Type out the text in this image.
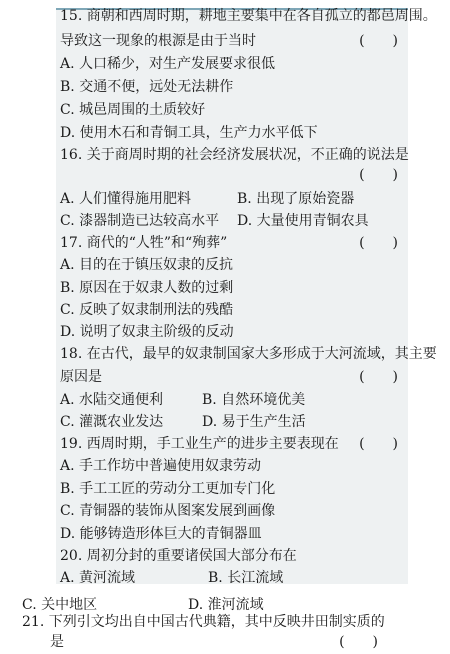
15. 商朝和西周时期，耕地主要集中在各自孤立的都邑周围。
导致这一现象的根源是由于当时	(　　)
A. 人口稀少，对生产发展要求很低
B. 交通不便，远处无法耕作
C. 城邑周围的土质较好
D. 使用木石和青铜工具，生产力水平低下
16. 关于商周时期的社会经济发展状况，不正确的说法是
(　　)
A. 人们懂得施用肥料	B. 出现了原始瓷器
C. 漆器制造已达较高水平 D. 大量使用青铜农具
17. 商代的“人牲”和“殉葬”	(　　)
A. 目的在于镇压奴隶的反抗
B. 原因在于奴隶人数的过剩
C. 反映了奴隶制刑法的残酷
D. 说明了奴隶主阶级的反动
18. 在古代，最早的奴隶制国家大多形成于大河流域，其主要
原因是	(　　)
A. 水陆交通便利	B. 自然环境优美
C. 灌溉农业发达	D. 易于生产生活
19. 西周时期，手工业生产的进步主要表现在	(　　)
A. 手工作坊中普遍使用奴隶劳动
B. 手工工匠的劳动分工更加专门化
C. 青铜器的装饰从图案发展到画像
D. 能够铸造形体巨大的青铜器皿
20. 周初分封的重要诸侯国大部分布在
A. 黄河流域	B. 长江流域
C. 关中地区	D. 淮河流域
21. 下列引文均出自中国古代典籍，其中反映井田制实质的
是	(　　)
